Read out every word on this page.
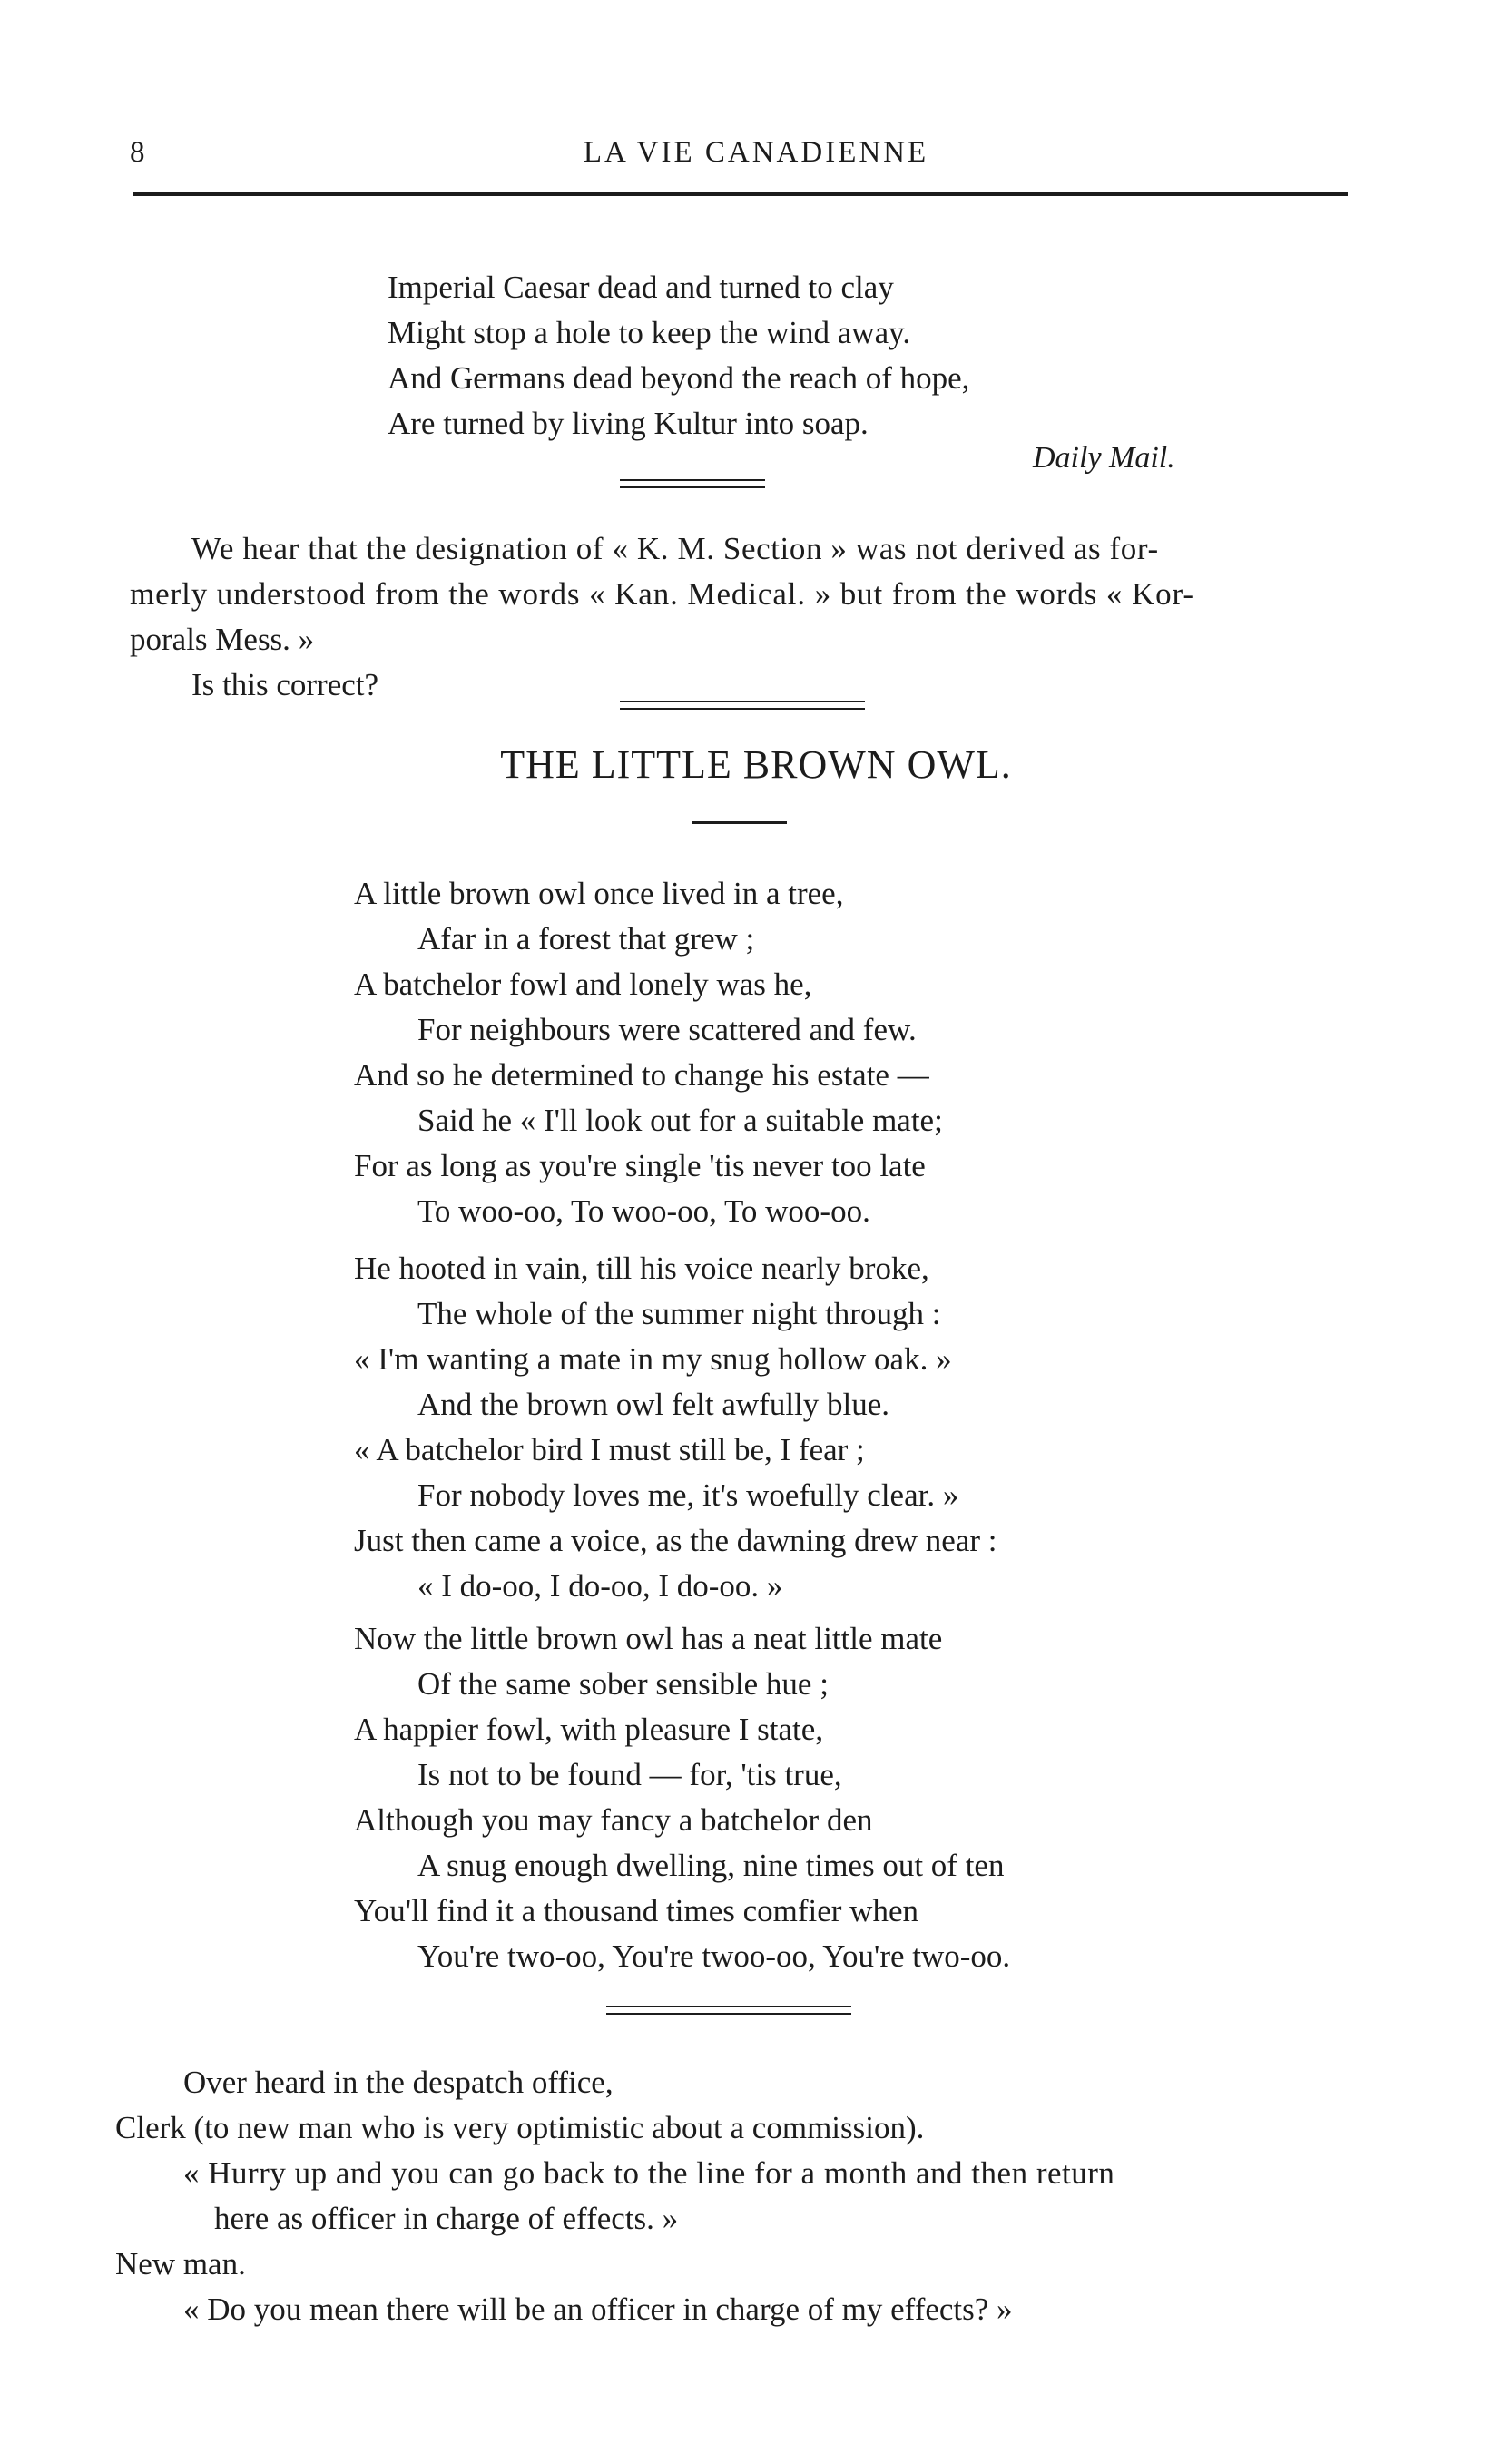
8	LA VIE CANADIENNE
Imperial Caesar dead and turned to clay
Might stop a hole to keep the wind away.
And Germans dead beyond the reach of hope,
Are turned by living Kultur into soap.
Daily Mail.
We hear that the designation of « K. M. Section » was not derived as for-
merly understood from the words « Kan. Medical. » but from the words « Kor-
porals Mess. »
Is this correct?
THE LITTLE BROWN OWL.
A little brown owl once lived in a tree,
Afar in a forest that grew ;
A batchelor fowl and lonely was he,
For neighbours were scattered and few.
And so he determined to change his estate —
Said he « I'll look out for a suitable mate;
For as long as you're single 'tis never too late
To woo-oo, To woo-oo, To woo-oo.
He hooted in vain, till his voice nearly broke,
The whole of the summer night through :
« I'm wanting a mate in my snug hollow oak. »
And the brown owl felt awfully blue.
« A batchelor bird I must still be, I fear ;
For nobody loves me, it's woefully clear. »
Just then came a voice, as the dawning drew near :
« I do-oo, I do-oo, I do-oo. »
Now the little brown owl has a neat little mate
Of the same sober sensible hue ;
A happier fowl, with pleasure I state,
Is not to be found — for, 'tis true,
Although you may fancy a batchelor den
A snug enough dwelling, nine times out of ten
You'll find it a thousand times comfier when
You're two-oo, You're twoo-oo, You're two-oo.
Over heard in the despatch office,
Clerk (to new man who is very optimistic about a commission).
« Hurry up and you can go back to the line for a month and then return
here as officer in charge of effects. »
New man.
« Do you mean there will be an officer in charge of my effects? »
